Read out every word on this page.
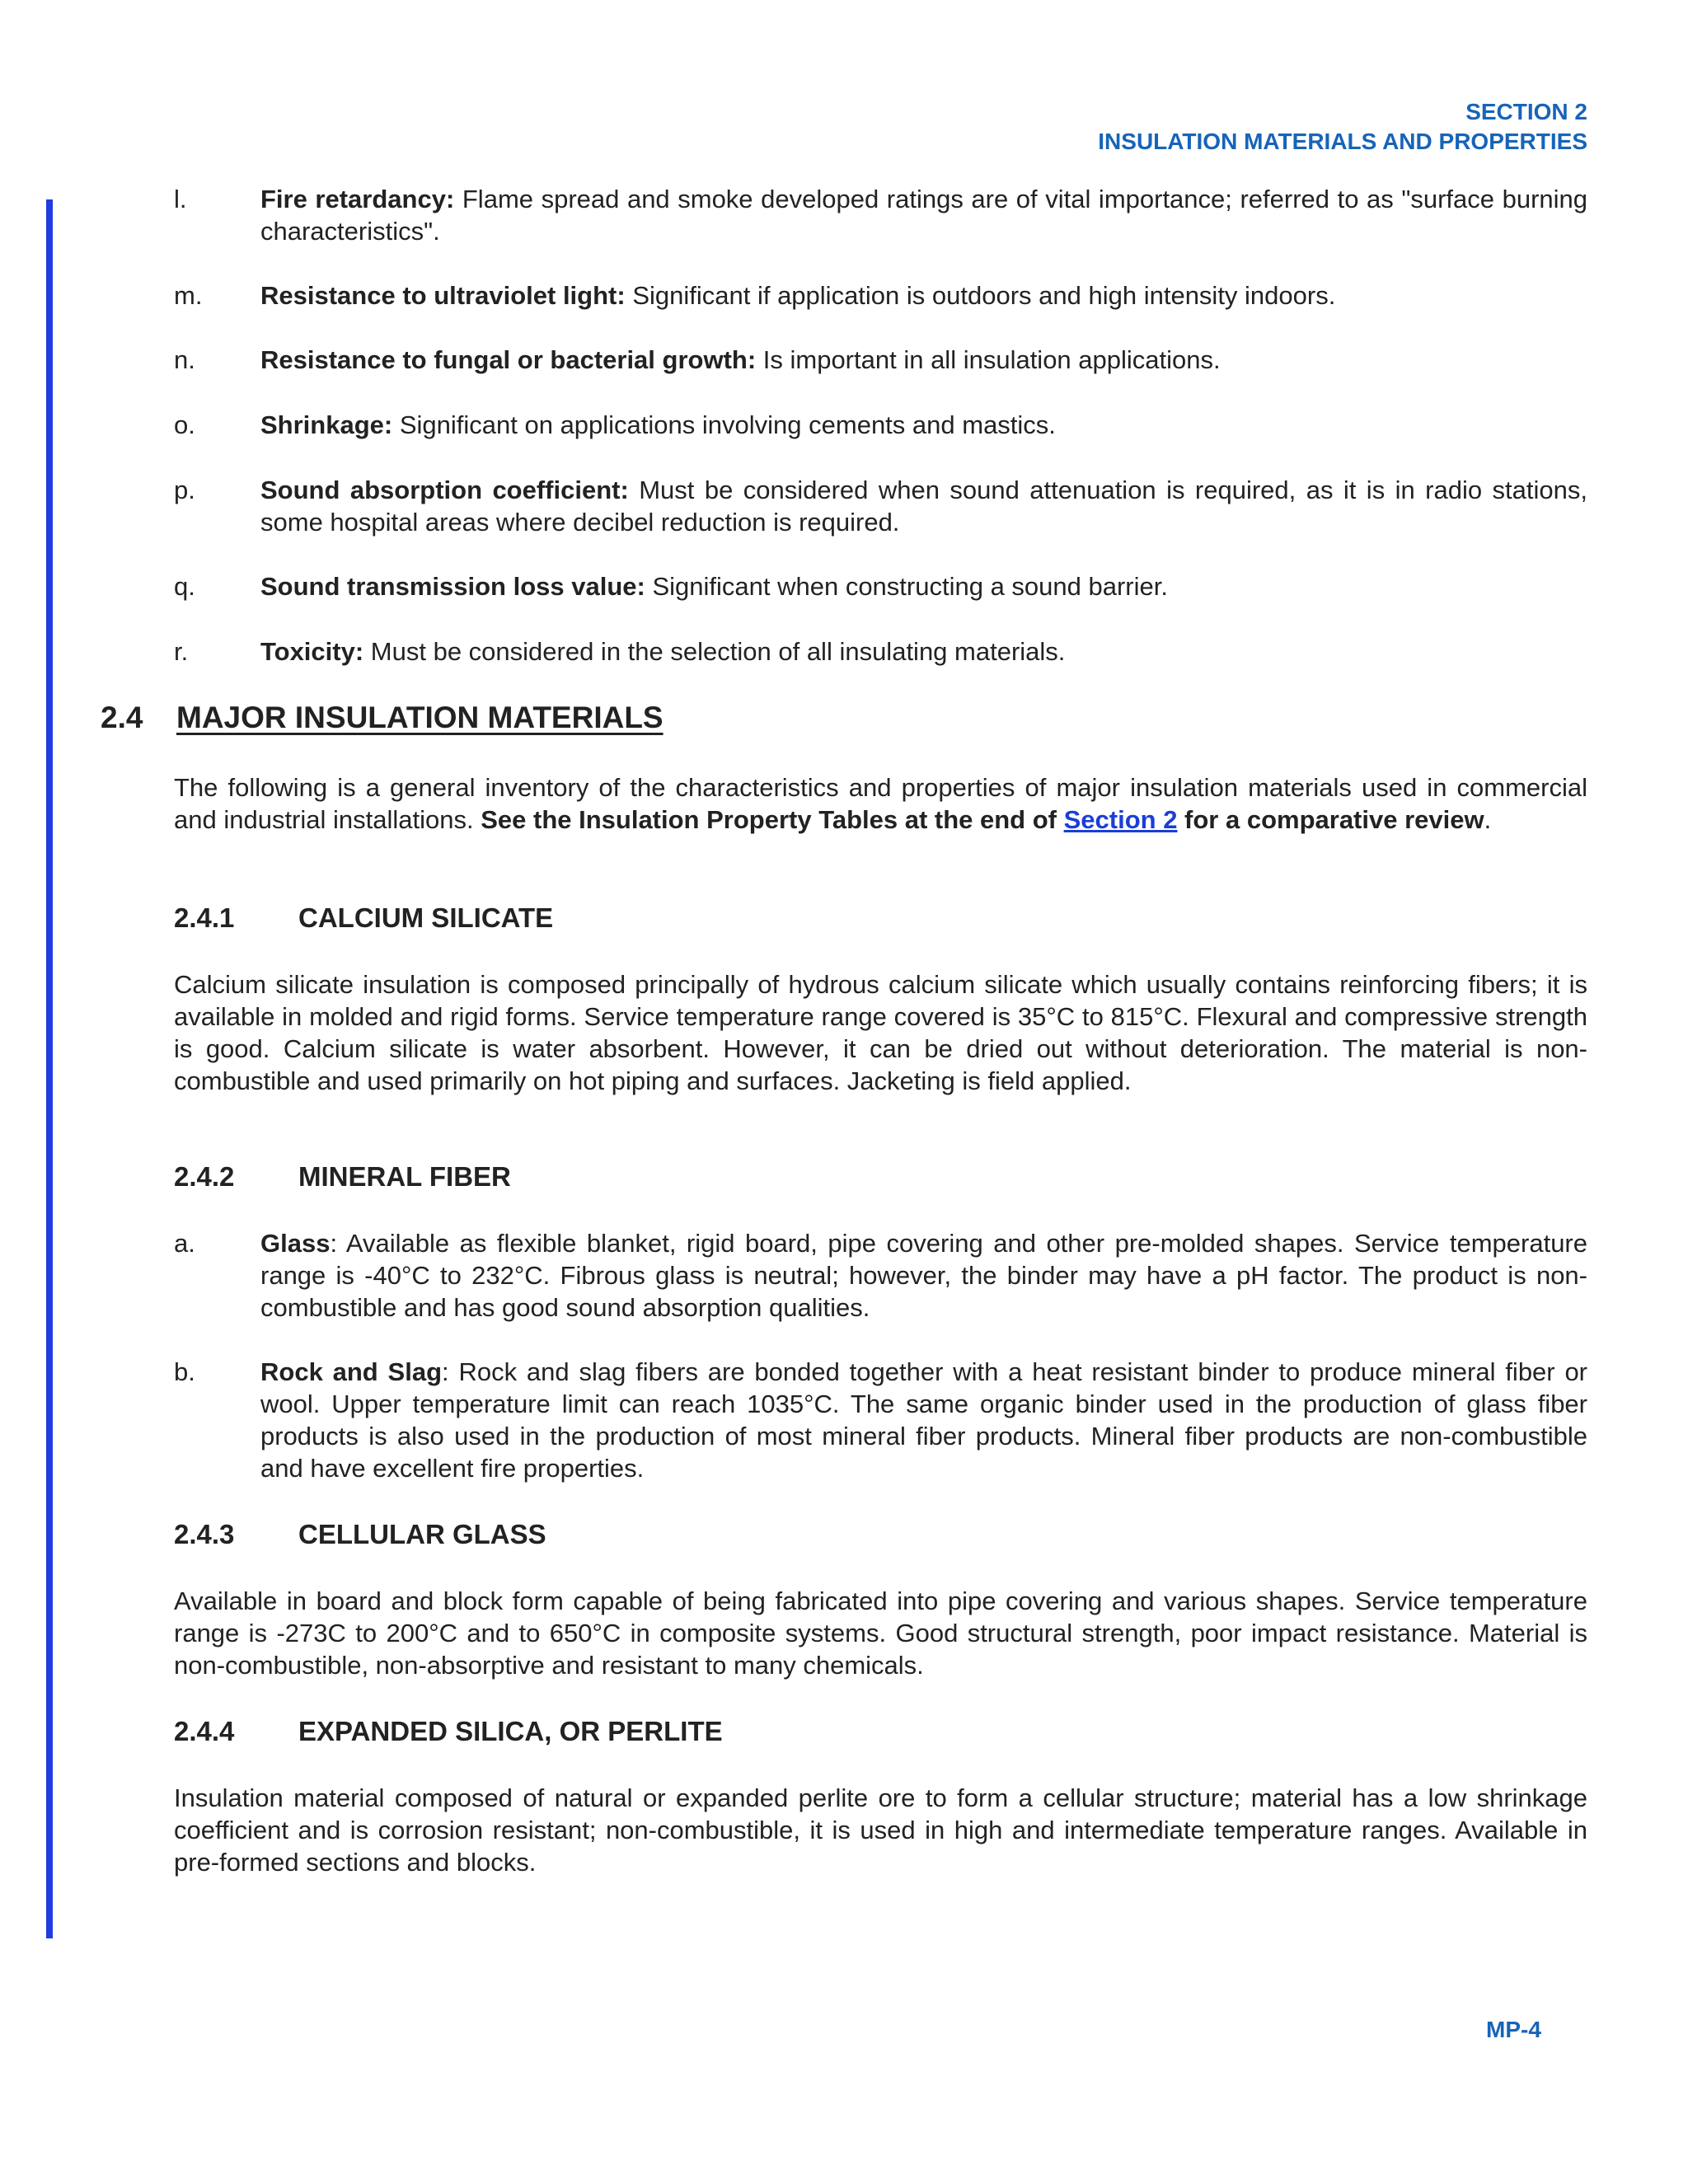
SECTION 2
INSULATION MATERIALS AND PROPERTIES
l.	Fire retardancy: Flame spread and smoke developed ratings are of vital importance; referred to as "surface burning characteristics".
m. Resistance to ultraviolet light: Significant if application is outdoors and high intensity indoors.
n.	Resistance to fungal or bacterial growth: Is important in all insulation applications.
o.	Shrinkage: Significant on applications involving cements and mastics.
p.	Sound absorption coefficient: Must be considered when sound attenuation is required, as it is in radio stations, some hospital areas where decibel reduction is required.
q.	Sound transmission loss value: Significant when constructing a sound barrier.
r.	Toxicity: Must be considered in the selection of all insulating materials.
2.4 MAJOR INSULATION MATERIALS
The following is a general inventory of the characteristics and properties of major insulation materials used in commercial and industrial installations. See the Insulation Property Tables at the end of Section 2 for a comparative review.
2.4.1 CALCIUM SILICATE
Calcium silicate insulation is composed principally of hydrous calcium silicate which usually contains reinforcing fibers; it is available in molded and rigid forms. Service temperature range covered is 35°C to 815°C. Flexural and compressive strength is good. Calcium silicate is water absorbent. However, it can be dried out without deterioration. The material is non-combustible and used primarily on hot piping and surfaces. Jacketing is field applied.
2.4.2 MINERAL FIBER
a.	Glass: Available as flexible blanket, rigid board, pipe covering and other pre-molded shapes. Service temperature range is -40°C to 232°C. Fibrous glass is neutral; however, the binder may have a pH factor. The product is non-combustible and has good sound absorption qualities.
b.	Rock and Slag: Rock and slag fibers are bonded together with a heat resistant binder to produce mineral fiber or wool. Upper temperature limit can reach 1035°C. The same organic binder used in the production of glass fiber products is also used in the production of most mineral fiber products. Mineral fiber products are non-combustible and have excellent fire properties.
2.4.3 CELLULAR GLASS
Available in board and block form capable of being fabricated into pipe covering and various shapes. Service temperature range is -273C to 200°C and to 650°C in composite systems. Good structural strength, poor impact resistance. Material is non-combustible, non-absorptive and resistant to many chemicals.
2.4.4 EXPANDED SILICA, OR PERLITE
Insulation material composed of natural or expanded perlite ore to form a cellular structure; material has a low shrinkage coefficient and is corrosion resistant; non-combustible, it is used in high and intermediate temperature ranges. Available in pre-formed sections and blocks.
MP-4
